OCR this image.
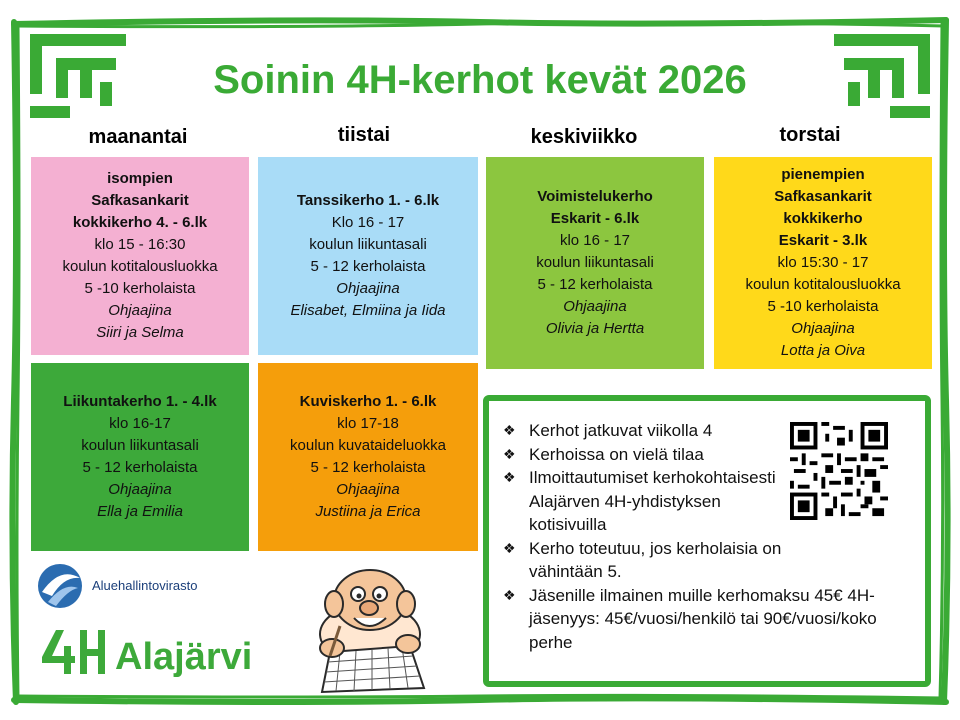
Soinin 4H-kerhot kevät 2026
maanantai	tiistai	keskiviikko	torstai
isompien
Safkasankarit
kokkikerho 4. - 6.lk
klo 15 - 16:30
koulun kotitalousluokka
5 -10 kerholaista
Ohjaajina
Siiri ja Selma
Tanssikerho 1. - 6.lk
Klo 16 - 17
koulun liikuntasali
5 - 12 kerholaista
Ohjaajina
Elisabet, Elmiina ja Iida
Voimistelukerho
Eskarit - 6.lk
klo 16 - 17
koulun liikuntasali
5 - 12 kerholaista
Ohjaajina
Olivia ja Hertta
pienempien
Safkasankarit
kokkikerho
Eskarit - 3.lk
klo 15:30 - 17
koulun kotitalousluokka
5 -10 kerholaista
Ohjaajina
Lotta ja Oiva
Liikuntakerho 1. - 4.lk
klo 16-17
koulun liikuntasali
5 - 12 kerholaista
Ohjaajina
Ella ja Emilia
Kuviskerho 1. - 6.lk
klo 17-18
koulun kuvataideluokka
5 - 12 kerholaista
Ohjaajina
Justiina ja Erica
❖ Kerhot jatkuvat viikolla 4
❖ Kerhoissa on vielä tilaa
❖ Ilmoittautumiset kerhokohtaisesti Alajärven 4H-yhdistyksen kotisivuilla
❖ Kerho toteutuu, jos kerholaisia on vähintään 5.
❖ Jäsenille ilmainen muille kerhomaksu 45€ 4H-jäsenyys: 45€/vuosi/henkilö tai 90€/vuosi/koko perhe
Aluehallintovirasto
Alajärvi
